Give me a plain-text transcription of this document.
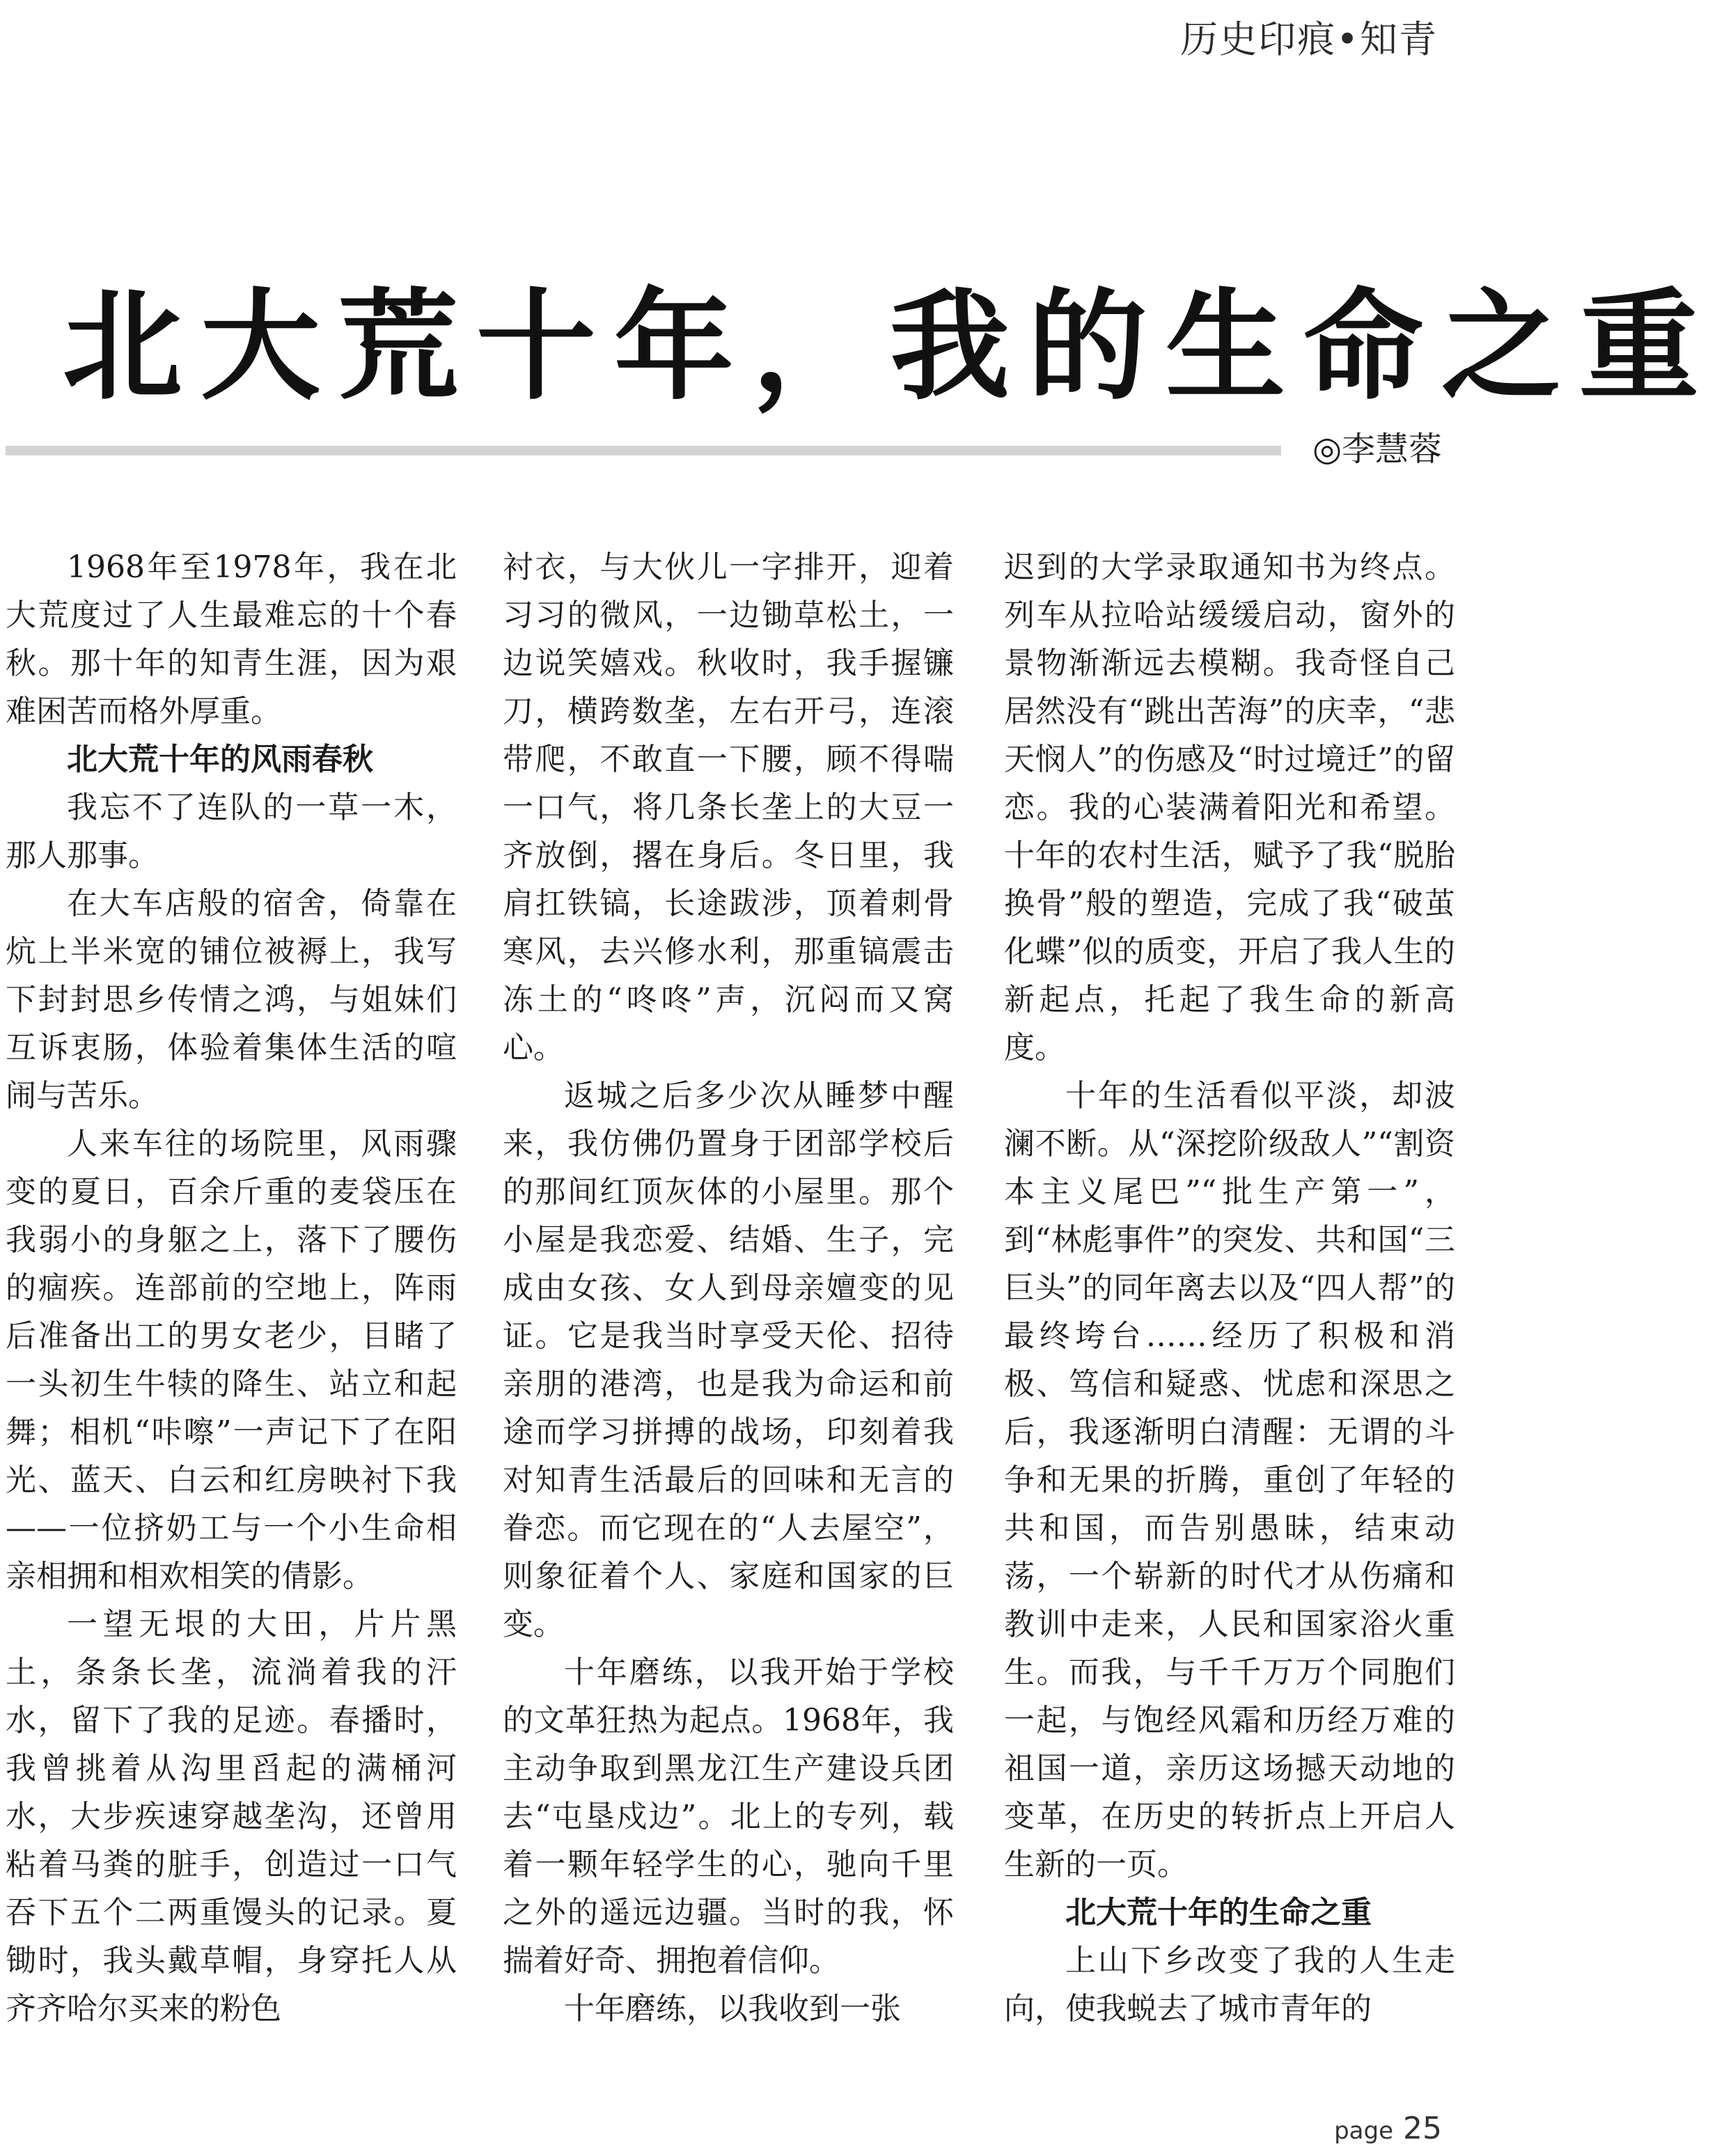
历史印痕•知青
北大荒十年，我的生命之重
◎李慧蓉

1968年至1978年，我在北大荒度过了人生最难忘的十个春秋。那十年的知青生涯，因为艰难困苦而格外厚重。

北大荒十年的风雨春秋

我忘不了连队的一草一木，那人那事。

在大车店般的宿舍，倚靠在炕上半米宽的铺位被褥上，我写下封封思乡传情之鸿，与姐妹们互诉衷肠，体验着集体生活的喧闹与苦乐。

人来车往的场院里，风雨骤变的夏日，百余斤重的麦袋压在我弱小的身躯之上，落下了腰伤的痼疾。连部前的空地上，阵雨后准备出工的男女老少，目睹了一头初生牛犊的降生、站立和起舞；相机“咔嚓”一声记下了在阳光、蓝天、白云和红房映衬下我——一位挤奶工与一个小生命相亲相拥和相欢相笑的倩影。

一望无垠的大田，片片黑土，条条长垄，流淌着我的汗水，留下了我的足迹。春播时，我曾挑着从沟里舀起的满桶河水，大步疾速穿越垄沟，还曾用粘着马粪的脏手，创造过一口气吞下五个二两重馒头的记录。夏锄时，我头戴草帽，身穿托人从齐齐哈尔买来的粉色

衬衣，与大伙儿一字排开，迎着习习的微风，一边锄草松土，一边说笑嬉戏。秋收时，我手握镰刀，横跨数垄，左右开弓，连滚带爬，不敢直一下腰，顾不得喘一口气，将几条长垄上的大豆一齐放倒，撂在身后。冬日里，我肩扛铁镐，长途跋涉，顶着刺骨寒风，去兴修水利，那重镐震击冻土的“咚咚”声，沉闷而又窝心。

返城之后多少次从睡梦中醒来，我仿佛仍置身于团部学校后的那间红顶灰体的小屋里。那个小屋是我恋爱、结婚、生子，完成由女孩、女人到母亲嬗变的见证。它是我当时享受天伦、招待亲朋的港湾，也是我为命运和前途而学习拼搏的战场，印刻着我对知青生活最后的回味和无言的眷恋。而它现在的“人去屋空”，则象征着个人、家庭和国家的巨变。

十年磨练，以我开始于学校的文革狂热为起点。1968年，我主动争取到黑龙江生产建设兵团去“屯垦戍边”。北上的专列，载着一颗年轻学生的心，驰向千里之外的遥远边疆。当时的我，怀揣着好奇、拥抱着信仰。

十年磨练，以我收到一张

迟到的大学录取通知书为终点。列车从拉哈站缓缓启动，窗外的景物渐渐远去模糊。我奇怪自己居然没有“跳出苦海”的庆幸，“悲天悯人”的伤感及“时过境迁”的留恋。我的心装满着阳光和希望。十年的农村生活，赋予了我“脱胎换骨”般的塑造，完成了我“破茧化蝶”似的质变，开启了我人生的新起点，托起了我生命的新高度。

十年的生活看似平淡，却波澜不断。从“深挖阶级敌人”“割资本主义尾巴”“批生产第一”，到“林彪事件”的突发、共和国“三巨头”的同年离去以及“四人帮”的最终垮台……经历了积极和消极、笃信和疑惑、忧虑和深思之后，我逐渐明白清醒：无谓的斗争和无果的折腾，重创了年轻的共和国，而告别愚昧，结束动荡，一个崭新的时代才从伤痛和教训中走来，人民和国家浴火重生。而我，与千千万万个同胞们一起，与饱经风霜和历经万难的祖国一道，亲历这场撼天动地的变革，在历史的转折点上开启人生新的一页。

北大荒十年的生命之重

上山下乡改变了我的人生走向，使我蜕去了城市青年的

page 25
